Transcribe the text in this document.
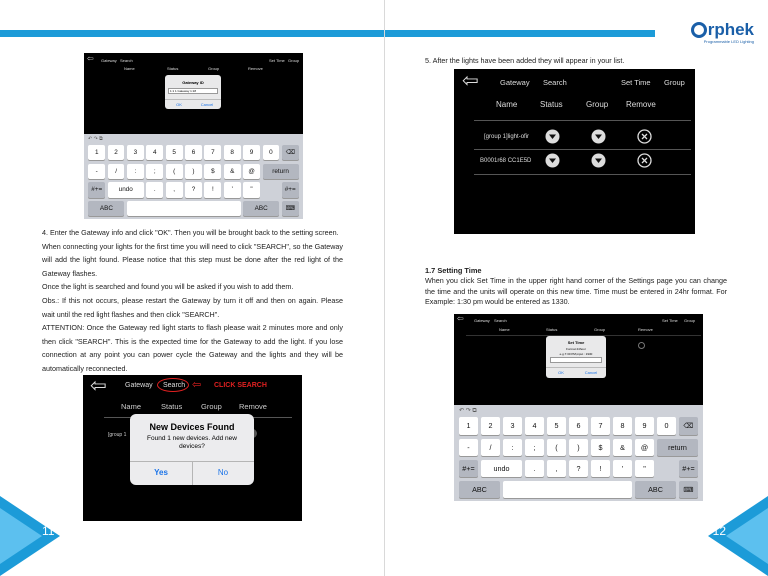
⇦ Gateway Search	Set Time Group
Name	Status	Group	Remove
Gateway ID
1:1 1 Gateway 1:18
OK	Cancel
↶ ↷ ⧉
1	2	3	4	5	6	7	8	9	0	⌫
-	/	:	;	(	)	$	&	@	return
#+=	undo	.	,	?	!	'	"	#+=
ABC	ABC	⌨

4. Enter the Gateway info and click "OK". Then you will be brought back to the setting screen.

When connecting your lights for the first time you will need to click "SEARCH", so the Gateway will add the light found. Please notice that this step must be done after the red light of the Gateway flashes.

Once the light is searched and found you will be asked if you wish to add them.

Obs.: If this not occurs, please restart the Gateway by turn it off and then on again. Please wait until the red light flashes and then click "SEARCH".

ATTENTION: Once the Gateway red light starts to flash please wait 2 minutes more and only then click "SEARCH". This is the expected time for the Gateway to add the light. If you lose connection at any point you can power cycle the Gateway and the lights and they will be automatically reconnected.

⇦	Gateway Search ⇦ CLICK SEARCH
Name	Status Group Remove
[group 1
New Devices Found
Found 1 new devices. Add new devices?
Yes	No
11
rphek
Programmable LED Lighting
5. After the lights have been added they will appear in your list.
⇦	Gateway Search	Set Time Group
Name	Status	Group Remove
[group 1]light-ofir
B0001r68 CC1E5D
1.7 Setting Time
When you click Set Time in the upper right hand corner of the Settings page you can change the time and the units will operate on this new time. Time must be entered in 24hr format. For Example: 1:30 pm would be entered as 1330.
⇦	Gateway Search	Set Time Group
Name	Status	Group	Remove
Set Time
Format 24hour
e.g.7:30 PM,input : 1930
OK	Cancel
↶ ↷ ⧉
1	2	3	4	5	6	7	8	9	0	⌫
-	/	:	;	(	)	$	&	@	return
#+=	undo	.	,	?	!	'	"	#+=
ABC	ABC	⌨
12
